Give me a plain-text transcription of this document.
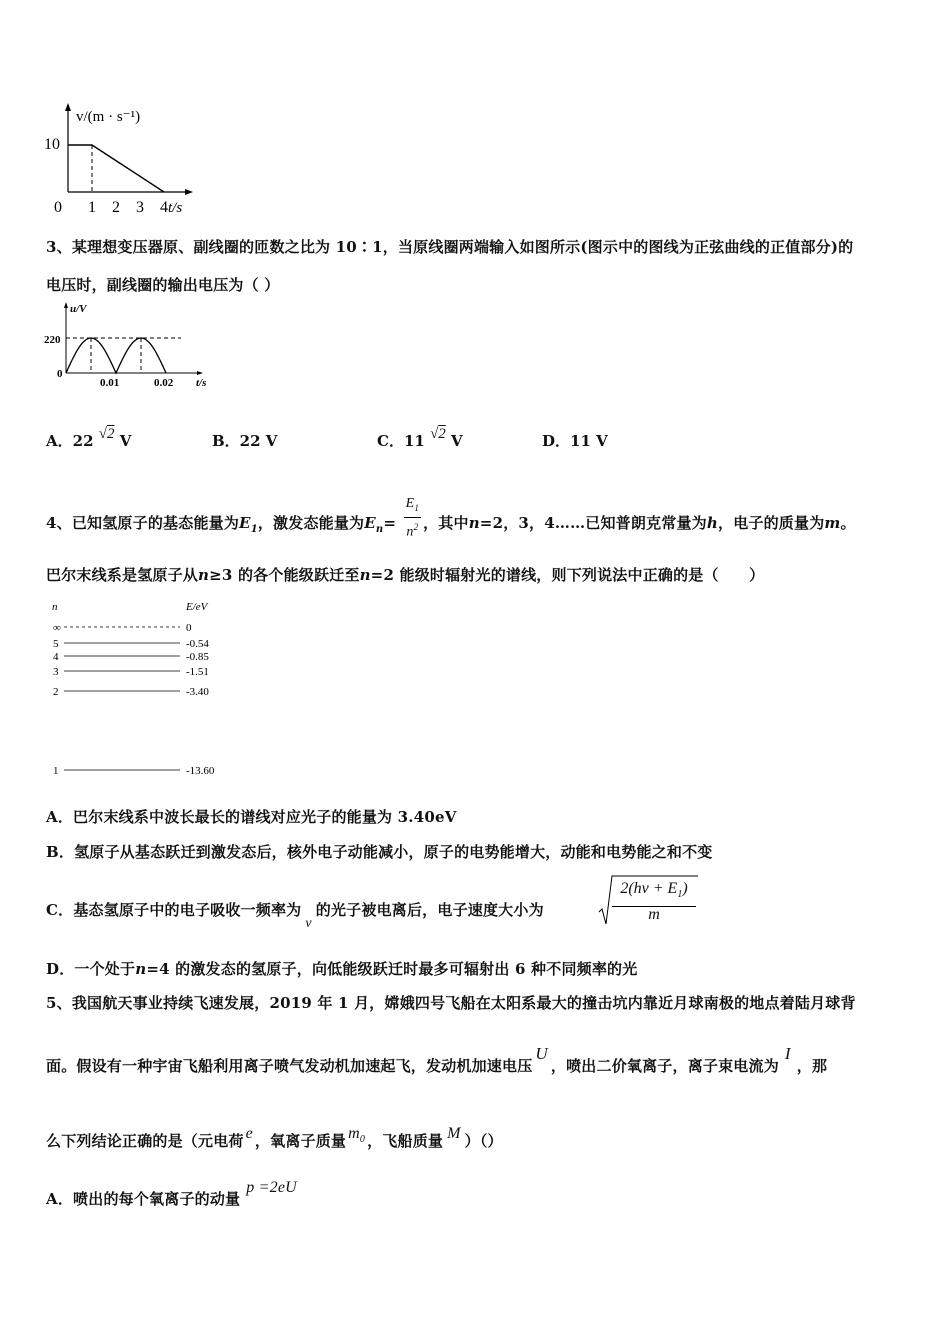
v/(m · s⁻¹)
10
0 1 2 3 4 t/s
3、某理想变压器原、副线圈的匝数之比为 10∶1，当原线圈两端输入如图所示(图示中的图线为正弦曲线的正值部分)的
电压时，副线圈的输出电压为（ ）
u/V
220
0
0.01	0.02 t/s
A．22 √2 V	B．22 V	C．11 √2 V	D．11 V
4、已知氢原子的基态能量为$E_1$，激发态能量为$E_n= \frac{E_1}{n^2}$ ，其中n=2，3，4……已知普朗克常量为h，电子的质量为m。
巴尔末线系是氢原子从n≥3 的各个能级跃迁至n=2 能级时辐射光的谱线，则下列说法中正确的是（　　）
n	E/eV
∞	0
5	-0.54
4	-0.85
3	-1.51
2	-3.40
1	-13.60
A．巴尔末线系中波长最长的谱线对应光子的能量为 3.40eV
B．氢原子从基态跃迁到激发态后，核外电子动能减小，原子的电势能增大，动能和电势能之和不变
C．基态氢原子中的电子吸收一频率为ν的光子被电离后，电子速度大小为	$\frac{2(h\nu + E_1)}{m}$
D．一个处于n=4 的激发态的氢原子，向低能级跃迁时最多可辐射出 6 种不同频率的光
5、我国航天事业持续飞速发展，2019 年 1 月，嫦娥四号飞船在太阳系最大的撞击坑内靠近月球南极的地点着陆月球背
面。假设有一种宇宙飞船利用离子喷气发动机加速起飞，发动机加速电压U，喷出二价氧离子，离子束电流为I，那
么下列结论正确的是（元电荷 e ，氧离子质量 $m_0$ ，飞船质量 M ）（）
A．喷出的每个氧离子的动量p =2eU
